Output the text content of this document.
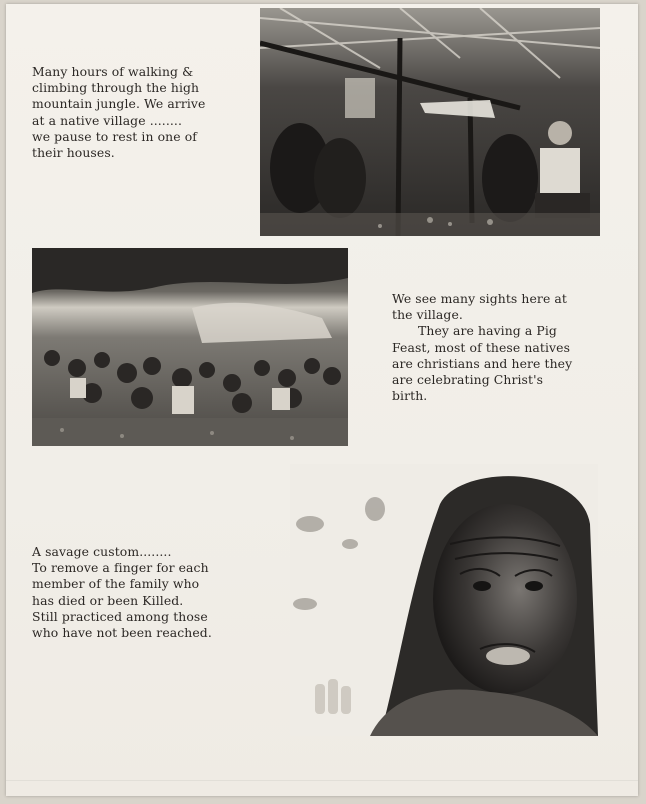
Many hours of walking &

climbing through the high

mountain jungle. We arrive

at a native village ........

we pause to rest in one of

their houses.

We see many sights here at

the village.

They are having a Pig

Feast, most of these natives

are christians and here they

are celebrating Christ's

birth.

A savage custom........

To remove a finger for each

member of the family who

has died or been Killed.

Still practiced among those

who have not been reached.
